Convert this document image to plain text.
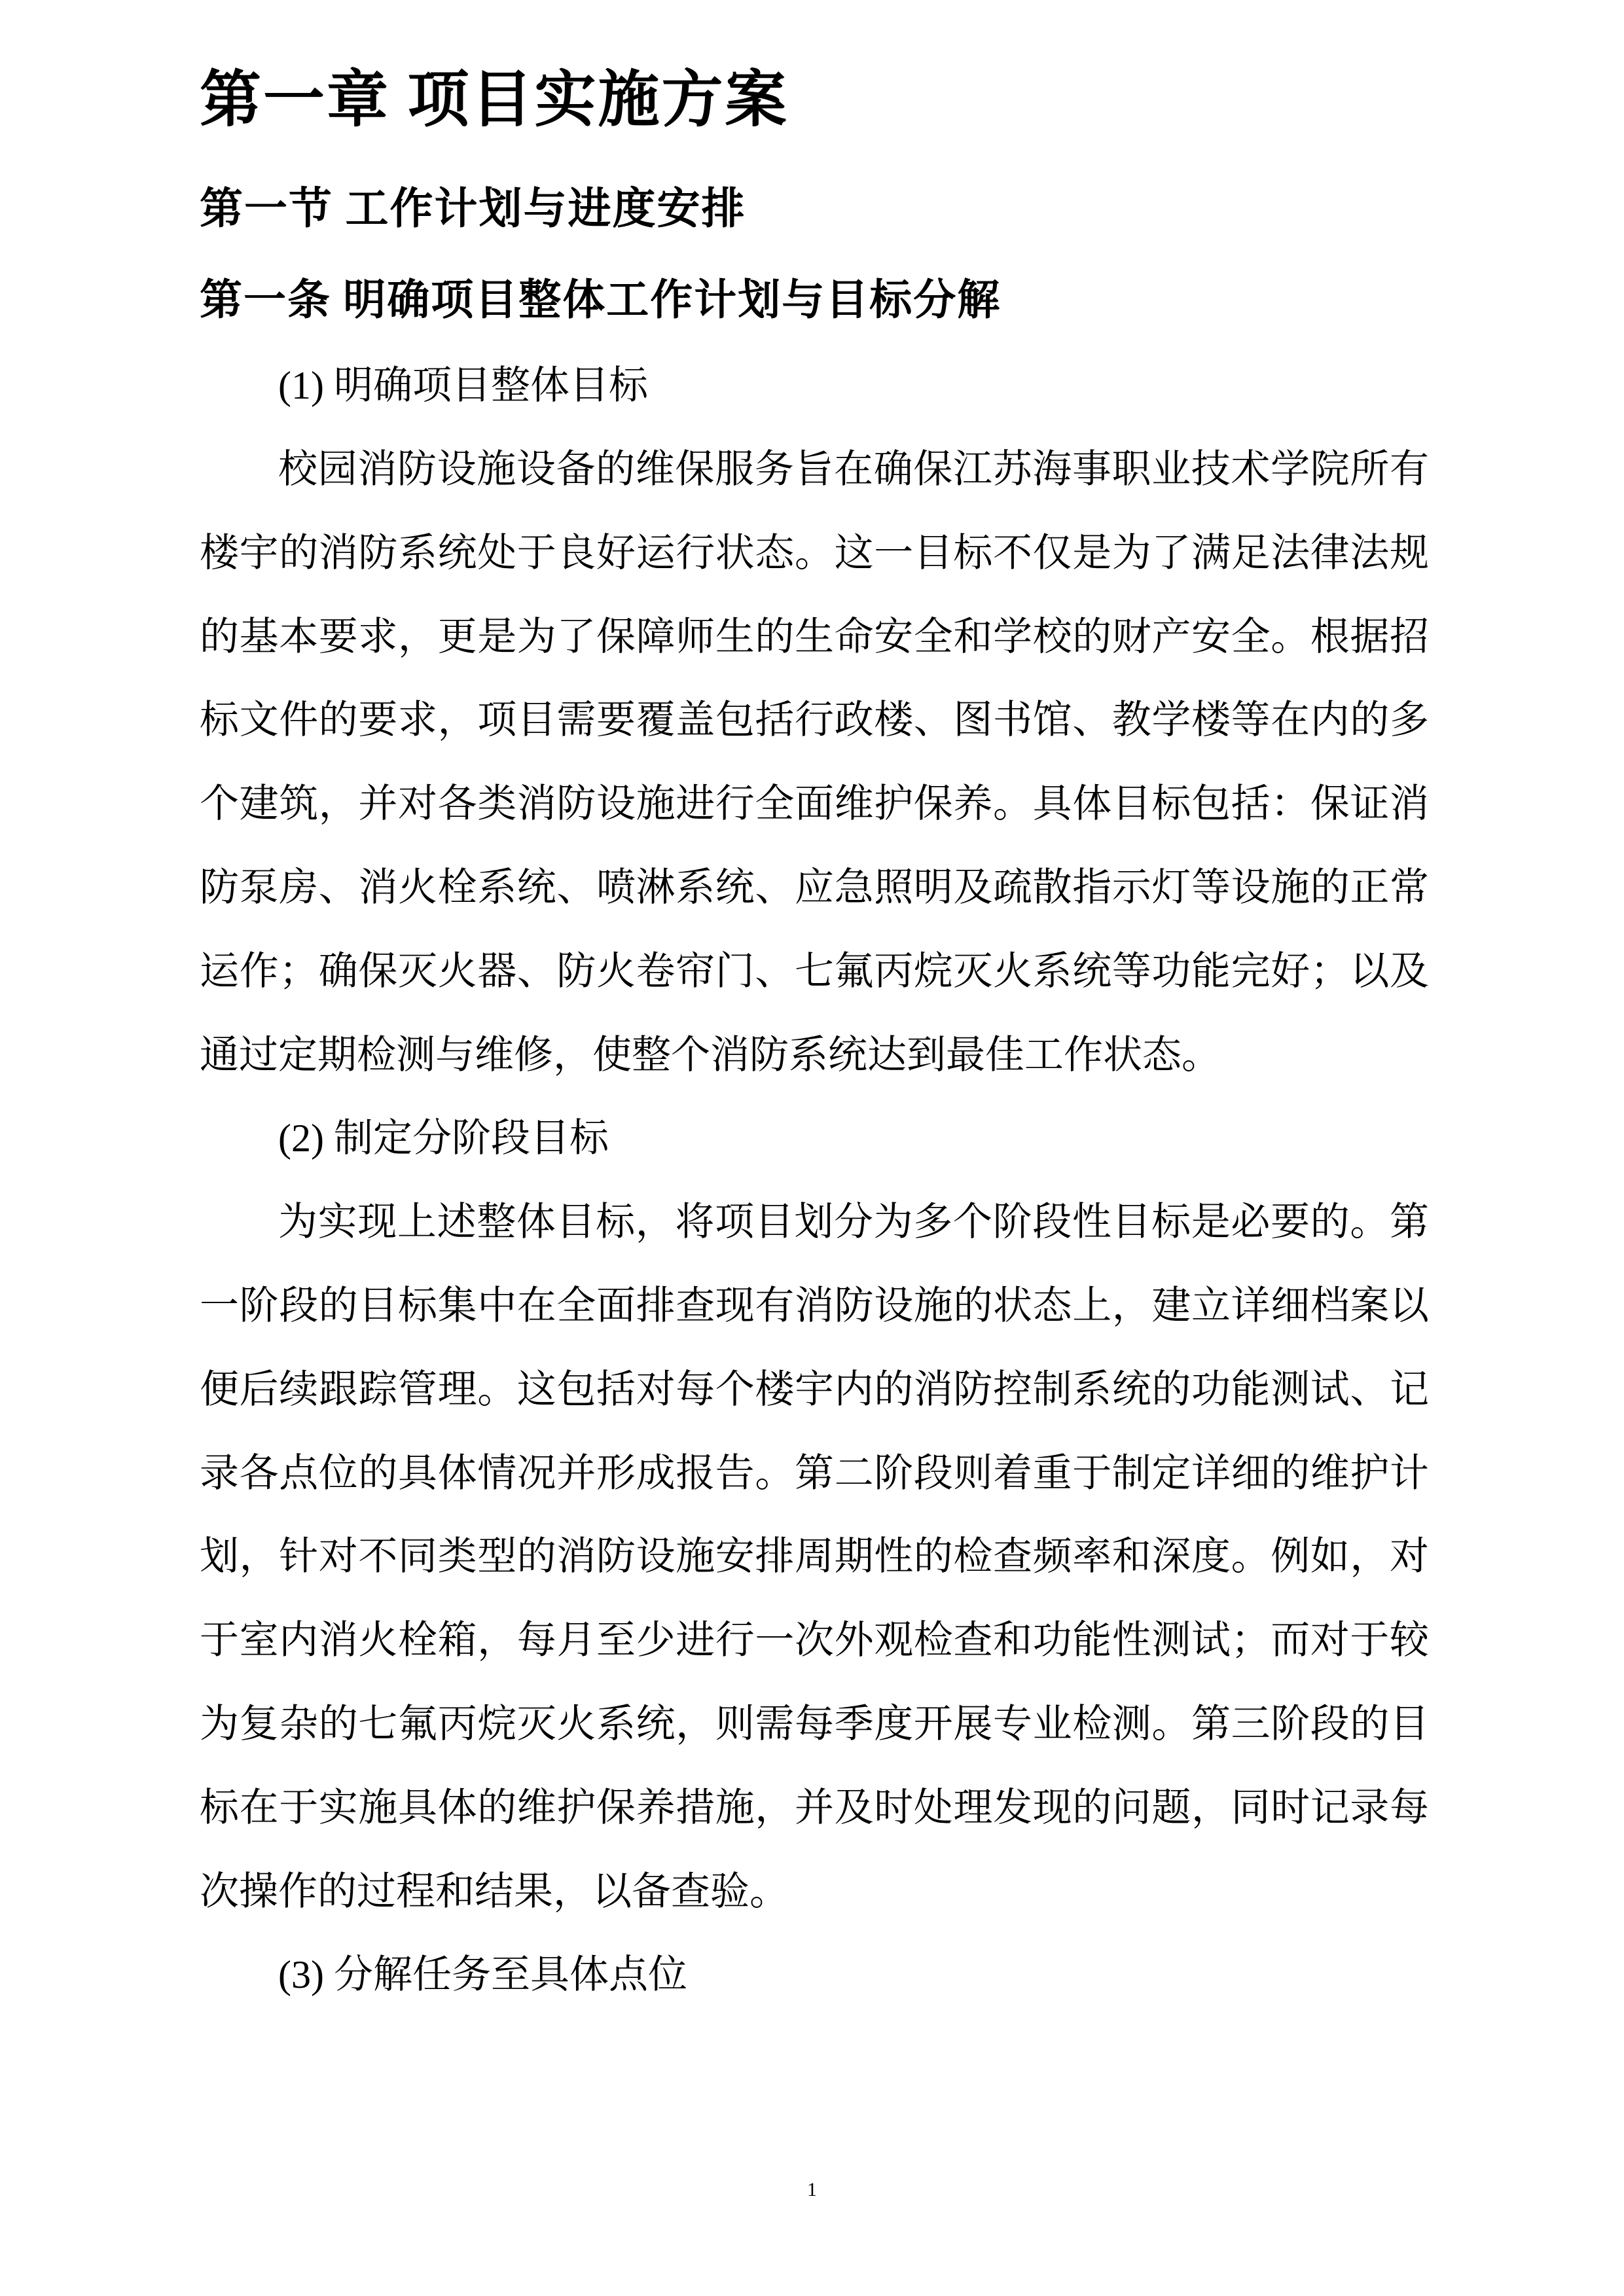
第一章 项目实施方案
第一节 工作计划与进度安排
第一条 明确项目整体工作计划与目标分解

(1) 明确项目整体目标

校园消防设施设备的维保服务旨在确保江苏海事职业技术学院所有楼宇的消防系统处于良好运行状态。这一目标不仅是为了满足法律法规的基本要求，更是为了保障师生的生命安全和学校的财产安全。根据招标文件的要求，项目需要覆盖包括行政楼、图书馆、教学楼等在内的多个建筑，并对各类消防设施进行全面维护保养。具体目标包括：保证消防泵房、消火栓系统、喷淋系统、应急照明及疏散指示灯等设施的正常运作；确保灭火器、防火卷帘门、七氟丙烷灭火系统等功能完好；以及通过定期检测与维修，使整个消防系统达到最佳工作状态。

(2) 制定分阶段目标

为实现上述整体目标，将项目划分为多个阶段性目标是必要的。第一阶段的目标集中在全面排查现有消防设施的状态上，建立详细档案以便后续跟踪管理。这包括对每个楼宇内的消防控制系统的功能测试、记录各点位的具体情况并形成报告。第二阶段则着重于制定详细的维护计划，针对不同类型的消防设施安排周期性的检查频率和深度。例如，对于室内消火栓箱，每月至少进行一次外观检查和功能性测试；而对于较为复杂的七氟丙烷灭火系统，则需每季度开展专业检测。第三阶段的目标在于实施具体的维护保养措施，并及时处理发现的问题，同时记录每次操作的过程和结果，以备查验。

(3) 分解任务至具体点位

1
